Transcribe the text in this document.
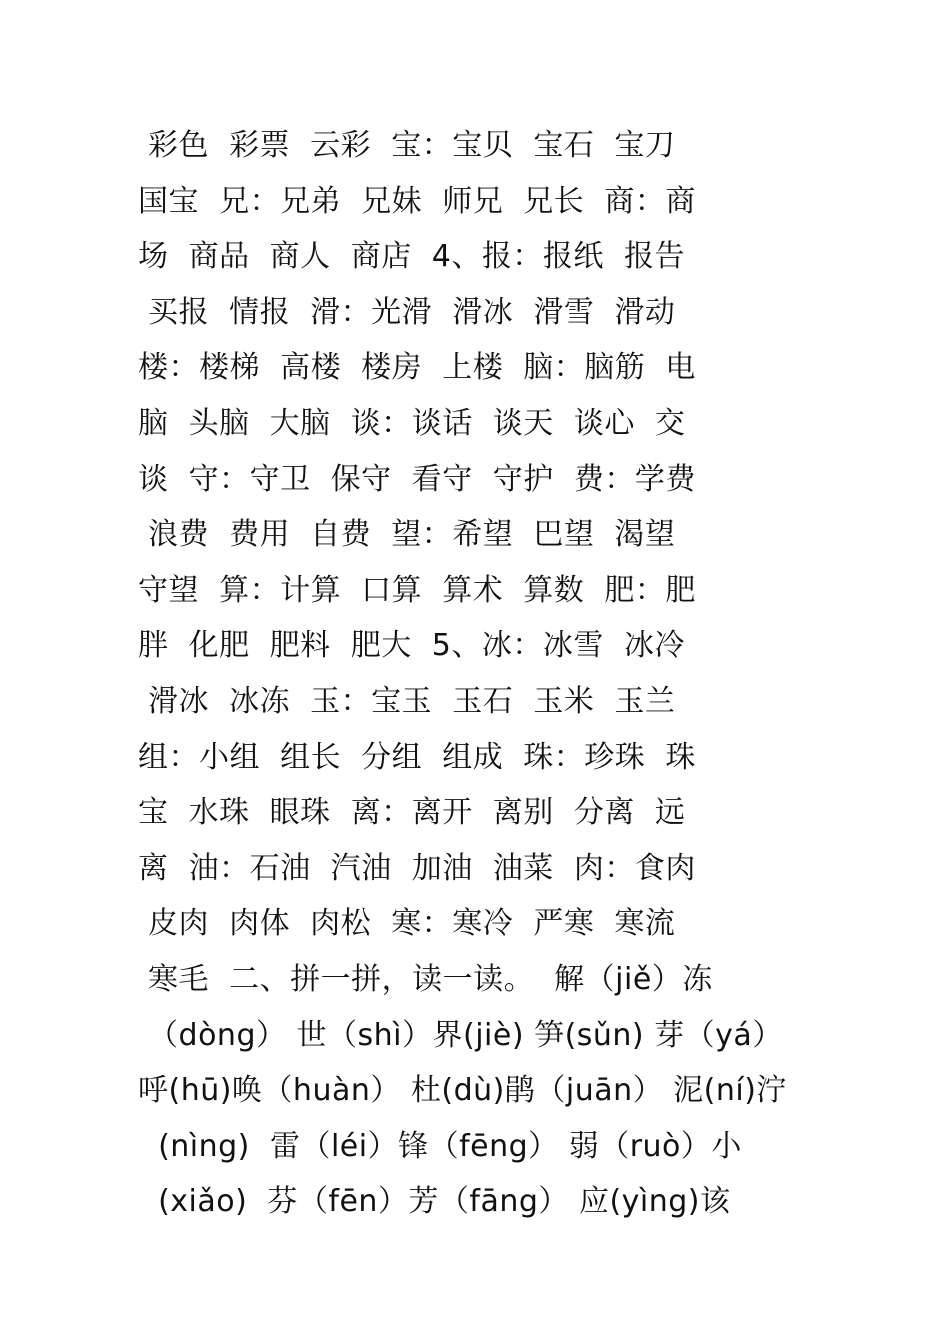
彩色  彩票  云彩  宝：宝贝  宝石  宝刀
国宝  兄：兄弟  兄妹  师兄  兄长  商：商
场  商品  商人  商店  4、报：报纸  报告
买报  情报  滑：光滑  滑冰  滑雪  滑动
楼：楼梯  高楼  楼房  上楼  脑：脑筋  电
脑  头脑  大脑  谈：谈话  谈天  谈心  交
谈  守：守卫  保守  看守  守护  费：学费
浪费  费用  自费  望：希望  巴望  渴望
守望  算：计算  口算  算术  算数  肥：肥
胖  化肥  肥料  肥大  5、冰：冰雪  冰冷
滑冰  冰冻  玉：宝玉  玉石  玉米  玉兰
组：小组  组长  分组  组成  珠：珍珠  珠
宝  水珠  眼珠  离：离开  离别  分离  远
离  油：石油  汽油  加油  油菜  肉：食肉
皮肉  肉体  肉松  寒：寒冷  严寒  寒流
寒毛  二、拼一拼，读一读。  解（jiě）冻
（dòng） 世（shì）界(jiè) 笋(sǔn) 芽（yá）
呼(hū)唤（huàn） 杜(dù)鹃（juān） 泥(ní)泞
(nìng)  雷（léi）锋（fēng） 弱（ruò）小
(xiǎo)  芬（fēn）芳（fāng） 应(yìng)该
